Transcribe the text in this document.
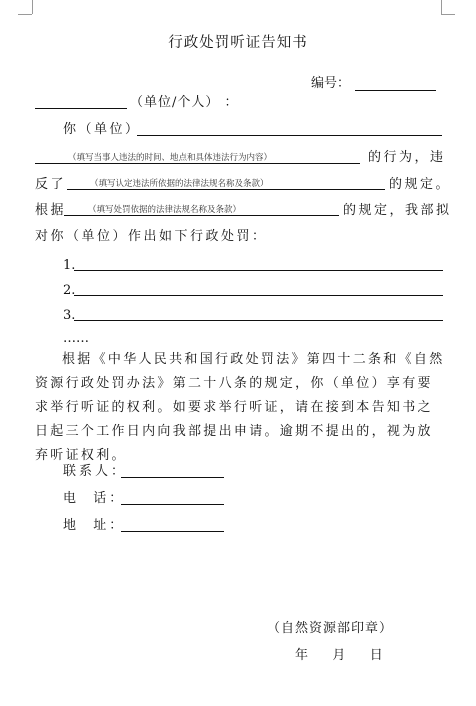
行政处罚听证告知书
编号：
（单位/个人） ：
你（单位）
（填写当事人违法的时间、地点和具体违法行为内容）	的行为，违
反了	（填写认定违法所依据的法律法规名称及条款）	的规定。
根据	（填写处罚依据的法律法规名称及条款）	的规定，我部拟
对你（单位）作出如下行政处罚：
1.
2.
3.
……
根据《中华人民共和国行政处罚法》第四十二条和《自然资源行政处罚办法》第二十八条的规定，你（单位）享有要求举行听证的权利。如要求举行听证，请在接到本告知书之日起三个工作日内向我部提出申请。逾期不提出的，视为放弃听证权利。
联系人：
电  话：
地  址：
（自然资源部印章）
年   月   日
